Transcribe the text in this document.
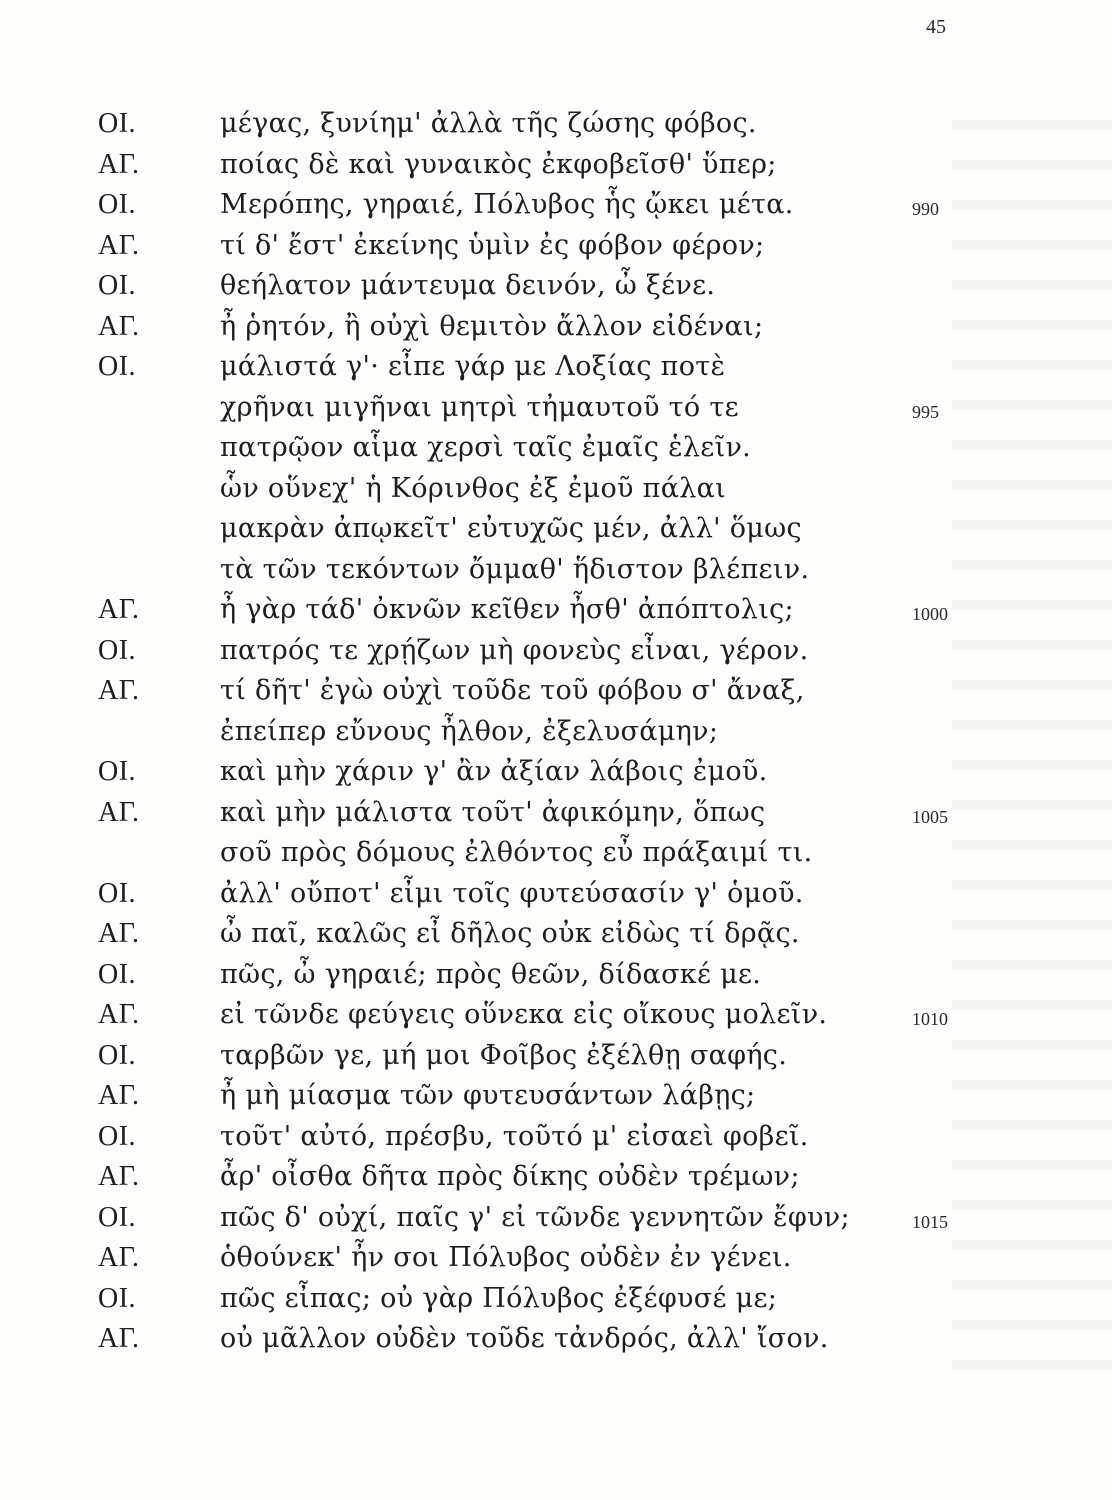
45
ΟΙ.	μέγας, ξυνίημ' ἀλλὰ τῆς ζώσης φόβος.
ΑΓ.	ποίας δὲ καὶ γυναικὸς ἐκφοβεῖσθ' ὕπερ;
ΟΙ.	Μερόπης, γηραιέ, Πόλυβος ἧς ᾤκει μέτα.	990
ΑΓ.	τί δ' ἔστ' ἐκείνης ὑμὶν ἐς φόβον φέρον;
ΟΙ.	θεήλατον μάντευμα δεινόν, ὦ ξένε.
ΑΓ.	ἦ ῥητόν, ἢ οὐχὶ θεμιτὸν ἄλλον εἰδέναι;
ΟΙ.	μάλιστά γ'· εἶπε γάρ με Λοξίας ποτὲ
χρῆναι μιγῆναι μητρὶ τἠμαυτοῦ τό τε	995
πατρῷον αἷμα χερσὶ ταῖς ἐμαῖς ἑλεῖν.
ὧν οὕνεχ' ἡ Κόρινθος ἐξ ἐμοῦ πάλαι
μακρὰν ἀπῳκεῖτ' εὐτυχῶς μέν, ἀλλ' ὅμως
τὰ τῶν τεκόντων ὄμμαθ' ἥδιστον βλέπειν.
ΑΓ.	ἦ γὰρ τάδ' ὀκνῶν κεῖθεν ἦσθ' ἀπόπτολις;	1000
ΟΙ.	πατρός τε χρῄζων μὴ φονεὺς εἶναι, γέρον.
ΑΓ.	τί δῆτ' ἐγὼ οὐχὶ τοῦδε τοῦ φόβου σ' ἄναξ,
ἐπείπερ εὔνους ἦλθον, ἐξελυσάμην;
ΟΙ.	καὶ μὴν χάριν γ' ἂν ἀξίαν λάβοις ἐμοῦ.
ΑΓ.	καὶ μὴν μάλιστα τοῦτ' ἀφικόμην, ὅπως	1005
σοῦ πρὸς δόμους ἐλθόντος εὖ πράξαιμί τι.
ΟΙ.	ἀλλ' οὔποτ' εἶμι τοῖς φυτεύσασίν γ' ὁμοῦ.
ΑΓ.	ὦ παῖ, καλῶς εἶ δῆλος οὐκ εἰδὼς τί δρᾷς.
ΟΙ.	πῶς, ὦ γηραιέ; πρὸς θεῶν, δίδασκέ με.
ΑΓ.	εἰ τῶνδε φεύγεις οὕνεκα εἰς οἴκους μολεῖν.	1010
ΟΙ.	ταρβῶν γε, μή μοι Φοῖβος ἐξέλθῃ σαφής.
ΑΓ.	ἦ μὴ μίασμα τῶν φυτευσάντων λάβῃς;
ΟΙ.	τοῦτ' αὐτό, πρέσβυ, τοῦτό μ' εἰσαεὶ φοβεῖ.
ΑΓ.	ἆρ' οἶσθα δῆτα πρὸς δίκης οὐδὲν τρέμων;
ΟΙ.	πῶς δ' οὐχί, παῖς γ' εἰ τῶνδε γεννητῶν ἔφυν;	1015
ΑΓ.	ὁθούνεκ' ἦν σοι Πόλυβος οὐδὲν ἐν γένει.
ΟΙ.	πῶς εἶπας; οὐ γὰρ Πόλυβος ἐξέφυσέ με;
ΑΓ.	οὐ μᾶλλον οὐδὲν τοῦδε τἀνδρός, ἀλλ' ἴσον.
